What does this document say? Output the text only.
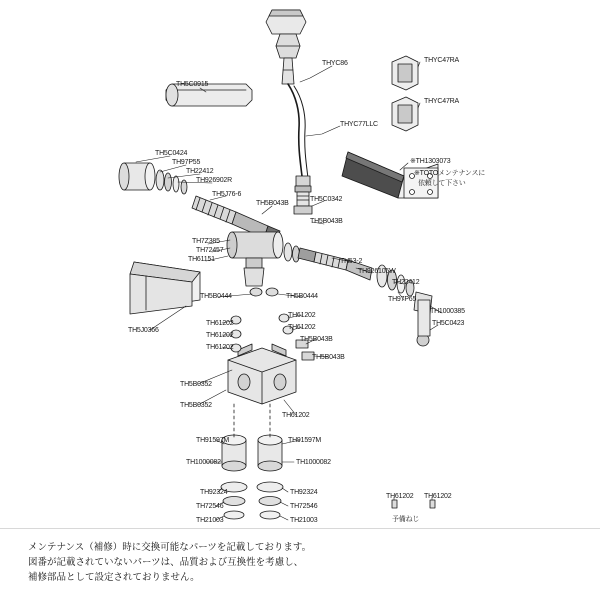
THYC47RA
THYC47RA
THYC86
THYC77LLC
TH5C0915
TH5C0424
TH97P55
TH22412
TH926902R
TH5J76-6
TH5B043B
TH5C0342
TH5B043B
TH7Z385
TH72457
TH61151	TH53-2
TH926105W
TH22412
TH97P65
TH1000385
TH5C0423
TH5B0444	TH5B0444
TH5J0366
TH61202
TH61202
TH61202
TH61202
TH61202
TH5B043B
TH5B043B
TH5B0352
TH5B0352
TH61202
TH91597M	TH91597M
TH1000082	TH1000082
TH92324	TH92324
TH72546	TH72546
TH21003	TH21003
TH61202 TH61202
予備ねじ
※TH1303073
※TOTOメンテナンスに
依頼して下さい
メンテナンス（補修）時に交換可能なパーツを記載しております。
図番が記載されていないパーツは、品質および互換性を考慮し、
補修部品として設定されておりません。
